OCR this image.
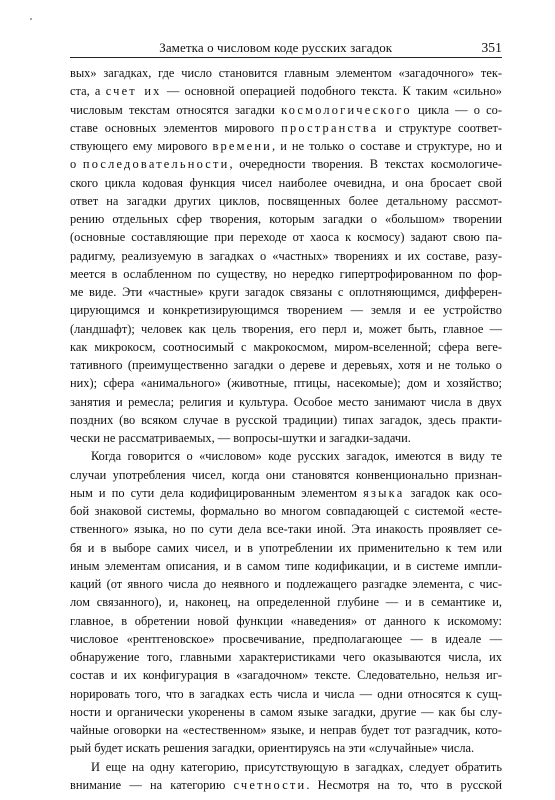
Заметка о числовом коде русских загадок	351
вых» загадках, где число становится главным элементом «загадочного» тек-
ста, а счет их — основной операцией подобного текста. К таким «сильно»
числовым текстам относятся загадки космологического цикла — о со-
ставе основных элементов мирового пространства и структуре соответ-
ствующего ему мирового времени, и не только о составе и структуре, но и
о последовательности, очередности творения. В текстах космологиче-
ского цикла кодовая функция чисел наиболее очевидна, и она бросает свой
ответ на загадки других циклов, посвященных более детальному рассмот-
рению отдельных сфер творения, которым загадки о «большом» творении
(основные составляющие при переходе от хаоса к космосу) задают свою па-
радигму, реализуемую в загадках о «частных» творениях и их составе, разу-
меется в ослабленном по существу, но нередко гипертрофированном по фор-
ме виде. Эти «частные» круги загадок связаны с оплотняющимся, дифферен-
цирующимся и конкретизирующимся творением — земля и ее устройство
(ландшафт); человек как цель творения, его перл и, может быть, главное —
как микрокосм, соотносимый с макрокосмом, миром-вселенной; сфера веге-
тативного (преимущественно загадки о дереве и деревьях, хотя и не только о
них); сфера «анимального» (животные, птицы, насекомые); дом и хозяйство;
занятия и ремесла; религия и культура. Особое место занимают числа в двух
поздних (во всяком случае в русской традиции) типах загадок, здесь практи-
чески не рассматриваемых, — вопросы-шутки и загадки-задачи.
Когда говорится о «числовом» коде русских загадок, имеются в виду те
случаи употребления чисел, когда они становятся конвенционально признан-
ным и по сути дела кодифицированным элементом языка загадок как осо-
бой знаковой системы, формально во многом совпадающей с системой «есте-
ственного» языка, но по сути дела все-таки иной. Эта инакость проявляет се-
бя и в выборе самих чисел, и в употреблении их применительно к тем или
иным элементам описания, и в самом типе кодификации, и в системе импли-
каций (от явного числа до неявного и подлежащего разгадке элемента, с чис-
лом связанного), и, наконец, на определенной глубине — и в семантике и,
главное, в обретении новой функции «наведения» от данного к искомому:
числовое «рентгеновское» просвечивание, предполагающее — в идеале —
обнаружение того, главными характеристиками чего оказываются числа, их
состав и их конфигурация в «загадочном» тексте. Следовательно, нельзя иг-
норировать того, что в загадках есть числа и числа — одни относятся к сущ-
ности и органически укоренены в самом языке загадки, другие — как бы слу-
чайные оговорки на «естественном» языке, и неправ будет тот разгадчик, кото-
рый будет искать решения загадки, ориентируясь на эти «случайные» числа.
И еще на одну категорию, присутствующую в загадках, следует обратить
внимание — на категорию счетности. Несмотря на то, что в русской
